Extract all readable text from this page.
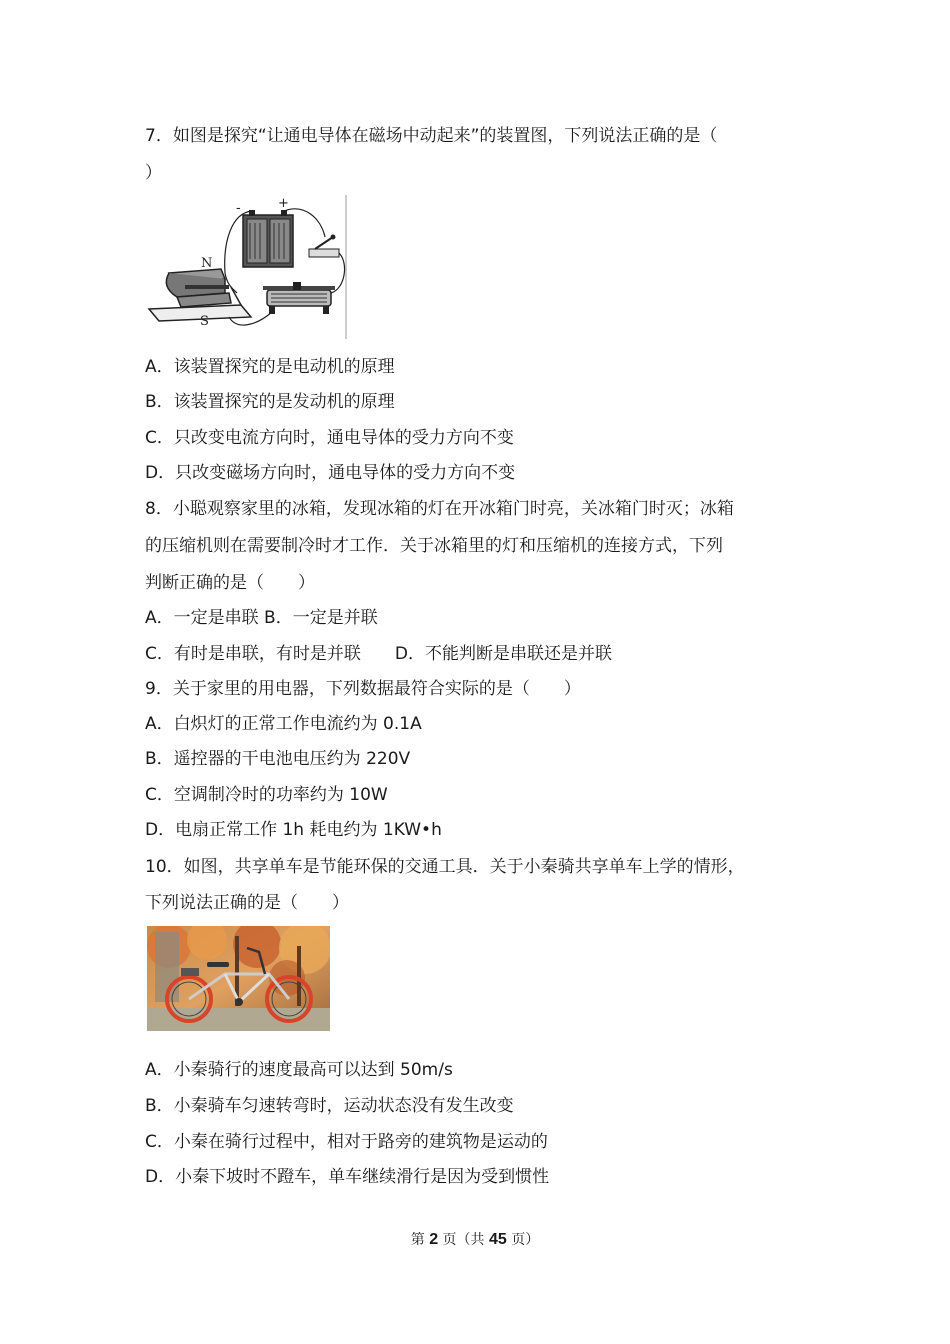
7．如图是探究“让通电导体在磁场中动起来”的装置图，下列说法正确的是（
）
-	+
N
S
A．该装置探究的是电动机的原理
B．该装置探究的是发动机的原理
C．只改变电流方向时，通电导体的受力方向不变
D．只改变磁场方向时，通电导体的受力方向不变
8．小聪观察家里的冰箱，发现冰箱的灯在开冰箱门时亮，关冰箱门时灭；冰箱
的压缩机则在需要制冷时才工作．关于冰箱里的灯和压缩机的连接方式，下列
判断正确的是（　　）
A．一定是串联 B．一定是并联
C．有时是串联，有时是并联 D．不能判断是串联还是并联
9．关于家里的用电器，下列数据最符合实际的是（　　）
A．白炽灯的正常工作电流约为 0.1A
B．遥控器的干电池电压约为 220V
C．空调制冷时的功率约为 10W
D．电扇正常工作 1h 耗电约为 1KW•h
10．如图，共享单车是节能环保的交通工具．关于小秦骑共享单车上学的情形，
下列说法正确的是（　　）
A．小秦骑行的速度最高可以达到 50m/s
B．小秦骑车匀速转弯时，运动状态没有发生改变
C．小秦在骑行过程中，相对于路旁的建筑物是运动的
D．小秦下坡时不蹬车，单车继续滑行是因为受到惯性
第 2 页（共 45 页）
